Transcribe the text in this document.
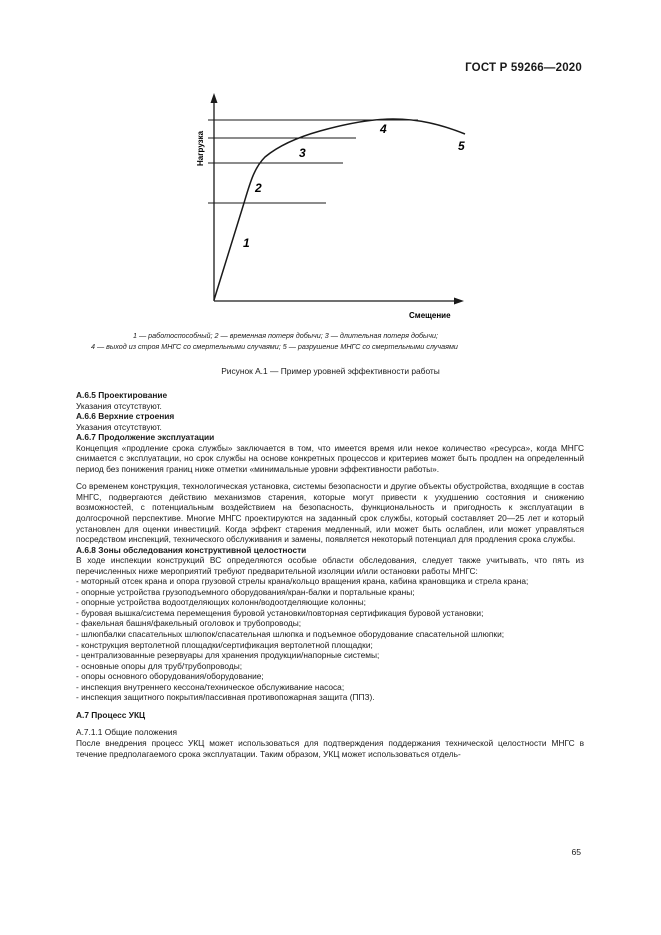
ГОСТ Р 59266—2020
Нагрузка
Смещение
1
2
3
4
5
1 — работоспособный; 2 — временная потеря добычи; 3 — длительная потеря добычи;
4 — выход из строя МНГС со смертельными случаями; 5 — разрушение МНГС со смертельными случаями
Рисунок А.1 — Пример уровней эффективности работы

А.6.5 Проектирование

Указания отсутствуют.

А.6.6 Верхние строения

Указания отсутствуют.

А.6.7 Продолжение эксплуатации

Концепция «продление срока службы» заключается в том, что имеется время или некое количество «ресурса», когда МНГС снимается с эксплуатации, но срок службы на основе конкретных процессов и критериев может быть продлен на определенный период без понижения границ ниже отметки «минимальные уровни эффективности работы».

Со временем конструкция, технологическая установка, системы безопасности и другие объекты обустройства, входящие в состав МНГС, подвергаются действию механизмов старения, которые могут привести к ухудшению состояния и снижению возможностей, с потенциальным воздействием на безопасность, функциональность и пригодность к эксплуатации в долгосрочной перспективе. Многие МНГС проектируются на заданный срок службы, который составляет 20—25 лет и который установлен для оценки инвестиций. Когда эффект старения медленный, или может быть ослаблен, или может управляться посредством инспекций, технического обслуживания и замены, появляется некоторый потенциал для продления срока службы.

А.6.8 Зоны обследования конструктивной целостности

В ходе инспекции конструкций ВС определяются особые области обследования, следует также учитывать, что пять из перечисленных ниже мероприятий требуют предварительной изоляции и/или остановки работы МНГС:

- моторный отсек крана и опора грузовой стрелы крана/кольцо вращения крана, кабина крановщика и стрела крана;
- опорные устройства грузоподъемного оборудования/кран-балки и портальные краны;
- опорные устройства водоотделяющих колонн/водоотделяющие колонны;
- буровая вышка/система перемещения буровой установки/повторная сертификация буровой установки;
- факельная башня/факельный оголовок и трубопроводы;
- шлюпбалки спасательных шлюпок/спасательная шлюпка и подъемное оборудование спасательной шлюпки;
- конструкция вертолетной площадки/сертификация вертолетной площадки;
- централизованные резервуары для хранения продукции/напорные системы;
- основные опоры для труб/трубопроводы;
- опоры основного оборудования/оборудование;
- инспекция внутреннего кессона/техническое обслуживание насоса;
- инспекция защитного покрытия/пассивная противопожарная защита (ППЗ).

А.7 Процесс УКЦ

А.7.1.1 Общие положения

После внедрения процесс УКЦ может использоваться для подтверждения поддержания технической целостности МНГС в течение предполагаемого срока эксплуатации. Таким образом, УКЦ может использоваться отдель-

65
